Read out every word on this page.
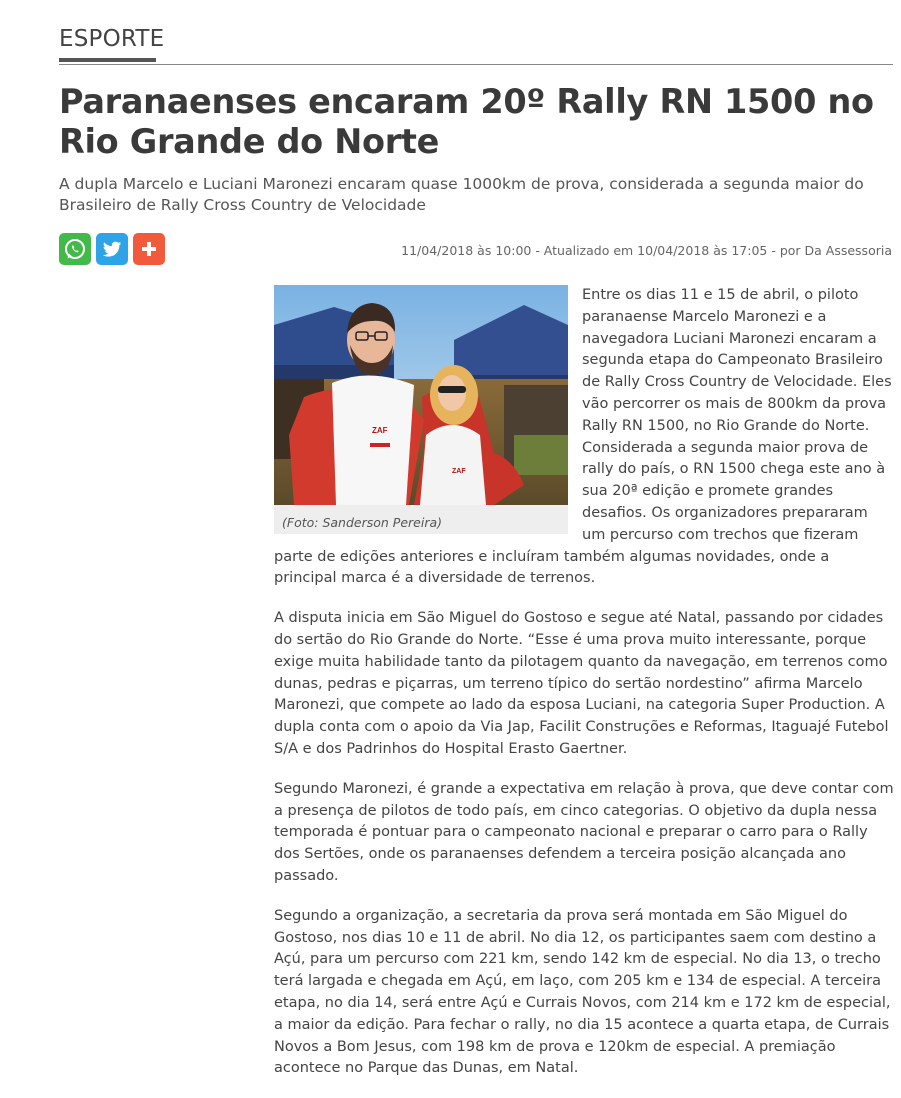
ESPORTE
Paranaenses encaram 20º Rally RN 1500 no Rio Grande do Norte

A dupla Marcelo e Luciani Maronezi encaram quase 1000km de prova, considerada a segunda maior do Brasileiro de Rally Cross Country de Velocidade

11/04/2018 às 10:00 - Atualizado em 10/04/2018 às 17:05 - por Da Assessoria
ZAF
ZAF
(Foto: Sanderson Pereira)

Entre os dias 11 e 15 de abril, o piloto paranaense Marcelo Maronezi e a navegadora Luciani Maronezi encaram a segunda etapa do Campeonato Brasileiro de Rally Cross Country de Velocidade. Eles vão percorrer os mais de 800km da prova Rally RN 1500, no Rio Grande do Norte. Considerada a segunda maior prova de rally do país, o RN 1500 chega este ano à sua 20ª edição e promete grandes desafios. Os organizadores prepararam um percurso com trechos que fizeram parte de edições anteriores e incluíram também algumas novidades, onde a principal marca é a diversidade de terrenos.

A disputa inicia em São Miguel do Gostoso e segue até Natal, passando por cidades do sertão do Rio Grande do Norte. “Esse é uma prova muito interessante, porque exige muita habilidade tanto da pilotagem quanto da navegação, em terrenos como dunas, pedras e piçarras, um terreno típico do sertão nordestino” afirma Marcelo Maronezi, que compete ao lado da esposa Luciani, na categoria Super Production. A dupla conta com o apoio da Via Jap, Facilit Construções e Reformas, Itaguajé Futebol S/A e dos Padrinhos do Hospital Erasto Gaertner.

Segundo Maronezi, é grande a expectativa em relação à prova, que deve contar com a presença de pilotos de todo país, em cinco categorias. O objetivo da dupla nessa temporada é pontuar para o campeonato nacional e preparar o carro para o Rally dos Sertões, onde os paranaenses defendem a terceira posição alcançada ano passado.

Segundo a organização, a secretaria da prova será montada em São Miguel do Gostoso, nos dias 10 e 11 de abril. No dia 12, os participantes saem com destino a Açú, para um percurso com 221 km, sendo 142 km de especial. No dia 13, o trecho terá largada e chegada em Açú, em laço, com 205 km e 134 de especial. A terceira etapa, no dia 14, será entre Açú e Currais Novos, com 214 km e 172 km de especial, a maior da edição. Para fechar o rally, no dia 15 acontece a quarta etapa, de Currais Novos a Bom Jesus, com 198 km de prova e 120km de especial. A premiação acontece no Parque das Dunas, em Natal.
